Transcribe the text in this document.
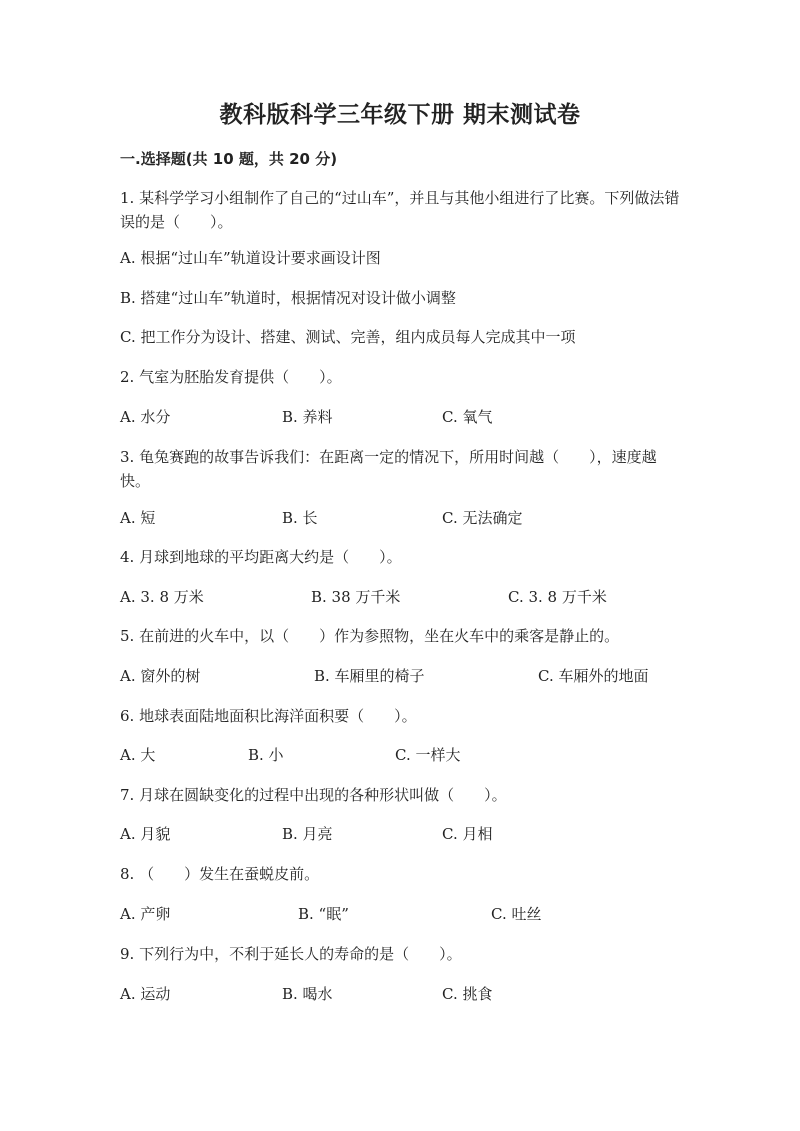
教科版科学三年级下册 期末测试卷
一.选择题(共 10 题，共 20 分)
1. 某科学学习小组制作了自己的“过山车”，并且与其他小组进行了比赛。下列做法错误的是（　　）。
A. 根据“过山车”轨道设计要求画设计图
B. 搭建“过山车”轨道时，根据情况对设计做小调整
C. 把工作分为设计、搭建、测试、完善，组内成员每人完成其中一项
2. 气室为胚胎发育提供（　　）。
A. 水分	B. 养料	C. 氧气
3. 龟兔赛跑的故事告诉我们：在距离一定的情况下，所用时间越（　　），速度越快。
A. 短	B. 长	C. 无法确定
4. 月球到地球的平均距离大约是（　　）。
A. 3. 8 万米	B. 38 万千米	C. 3. 8 万千米
5. 在前进的火车中，以（　　）作为参照物，坐在火车中的乘客是静止的。
A. 窗外的树	B. 车厢里的椅子	C. 车厢外的地面
6. 地球表面陆地面积比海洋面积要（　　）。
A. 大	B. 小	C. 一样大
7. 月球在圆缺变化的过程中出现的各种形状叫做（　　）。
A. 月貌	B. 月亮	C. 月相
8. （　　）发生在蚕蜕皮前。
A. 产卵	B. “眠”	C. 吐丝
9. 下列行为中，不利于延长人的寿命的是（　　）。
A. 运动	B. 喝水	C. 挑食
